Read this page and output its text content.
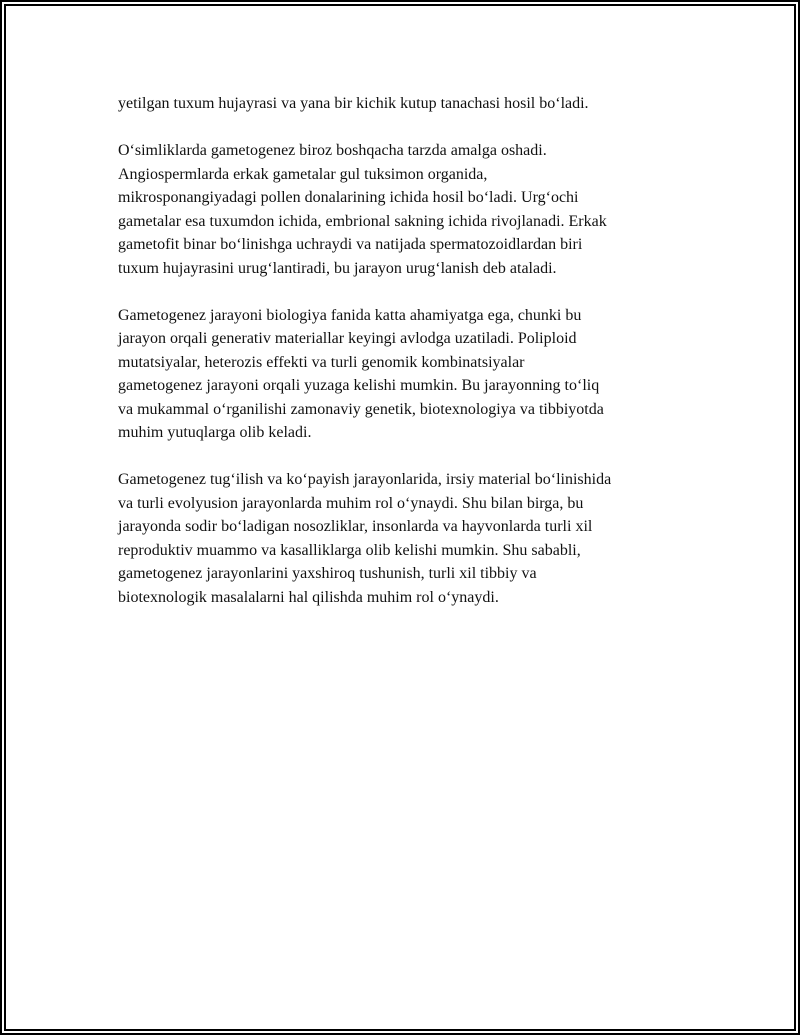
yetilgan tuxum hujayrasi va yana bir kichik kutup tanachasi hosil bo‘ladi.

O‘simliklarda gametogenez biroz boshqacha tarzda amalga oshadi.
Angiospermlarda erkak gametalar gul tuksimon organida,
mikrosponangiyadagi pollen donalarining ichida hosil bo‘ladi. Urg‘ochi
gametalar esa tuxumdon ichida, embrional sakning ichida rivojlanadi. Erkak
gametofit binar bo‘linishga uchraydi va natijada spermatozoidlardan biri
tuxum hujayrasini urug‘lantiradi, bu jarayon urug‘lanish deb ataladi.

Gametogenez jarayoni biologiya fanida katta ahamiyatga ega, chunki bu
jarayon orqali generativ materiallar keyingi avlodga uzatiladi. Poliploid
mutatsiyalar, heterozis effekti va turli genomik kombinatsiyalar
gametogenez jarayoni orqali yuzaga kelishi mumkin. Bu jarayonning to‘liq
va mukammal o‘rganilishi zamonaviy genetik, biotexnologiya va tibbiyotda
muhim yutuqlarga olib keladi.

Gametogenez tug‘ilish va ko‘payish jarayonlarida, irsiy material bo‘linishida
va turli evolyusion jarayonlarda muhim rol o‘ynaydi. Shu bilan birga, bu
jarayonda sodir bo‘ladigan nosozliklar, insonlarda va hayvonlarda turli xil
reproduktiv muammo va kasalliklarga olib kelishi mumkin. Shu sababli,
gametogenez jarayonlarini yaxshiroq tushunish, turli xil tibbiy va
biotexnologik masalalarni hal qilishda muhim rol o‘ynaydi.
